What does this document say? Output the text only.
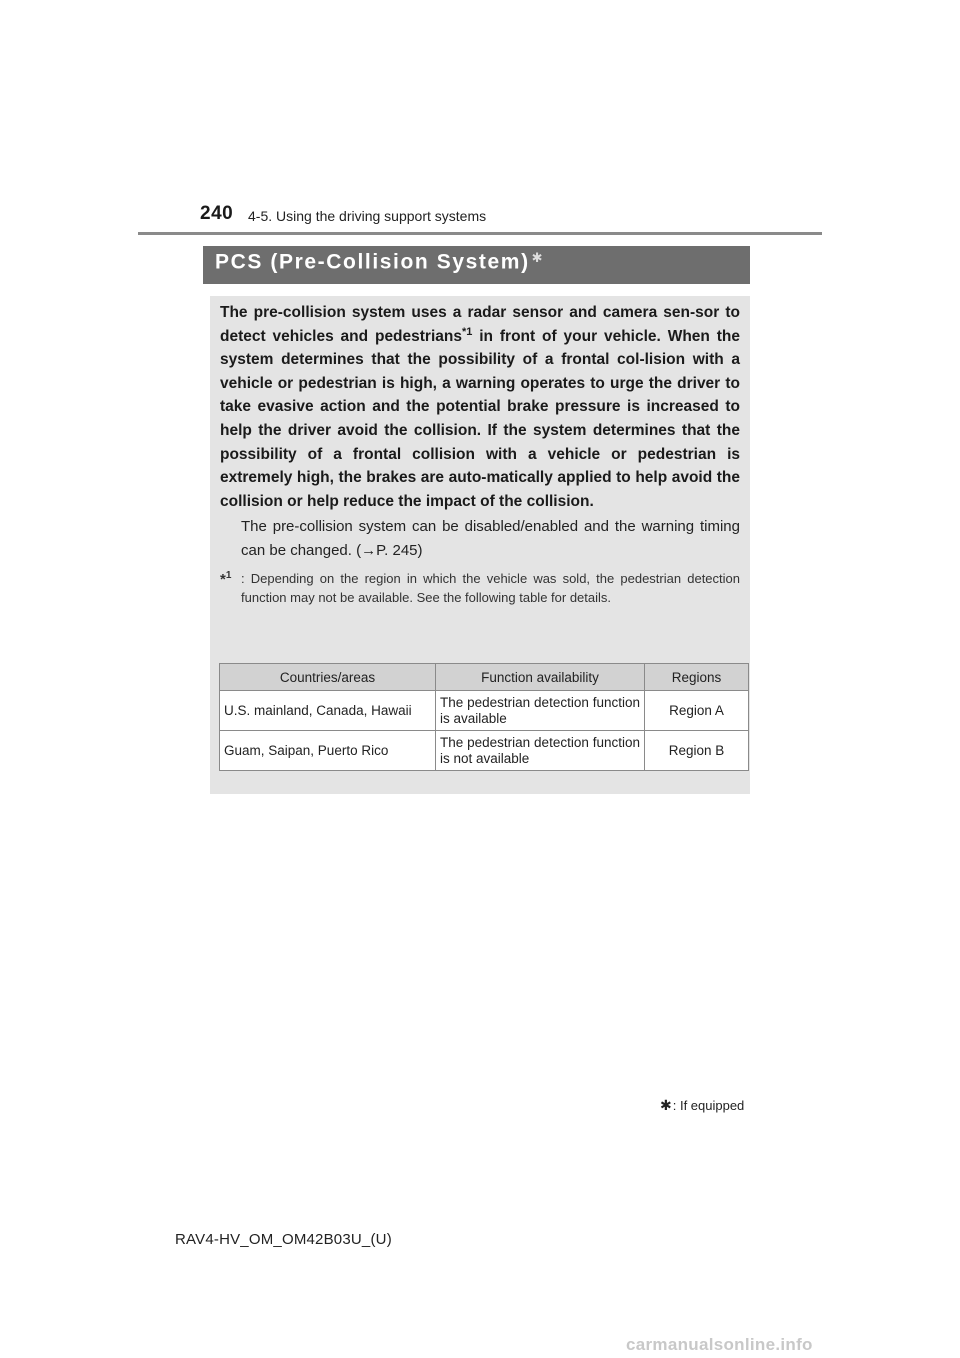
240 4-5. Using the driving support systems
PCS (Pre-Collision System) ✱

The pre-collision system uses a radar sensor and camera sen-sor to detect vehicles and pedestrians$^{*1}$ in front of your vehicle. When the system determines that the possibility of a frontal col-lision with a vehicle or pedestrian is high, a warning operates to urge the driver to take evasive action and the potential brake pressure is increased to help the driver avoid the collision. If the system determines that the possibility of a frontal collision with a vehicle or pedestrian is extremely high, the brakes are auto-matically applied to help avoid the collision or help reduce the impact of the collision.

The pre-collision system can be disabled/enabled and the warning timing can be changed. (→P. 245)

*$^1$ : Depending on the region in which the vehicle was sold, the pedestrian detection function may not be available. See the following table for details.

Countries/areas	Function availability	Regions
U.S. mainland, Canada, Hawaii	The pedestrian detection function is available	Region A
Guam, Saipan, Puerto Rico	The pedestrian detection function is not available	Region B
✱: If equipped
RAV4-HV_OM_OM42B03U_(U)
carmanualsonline.info
